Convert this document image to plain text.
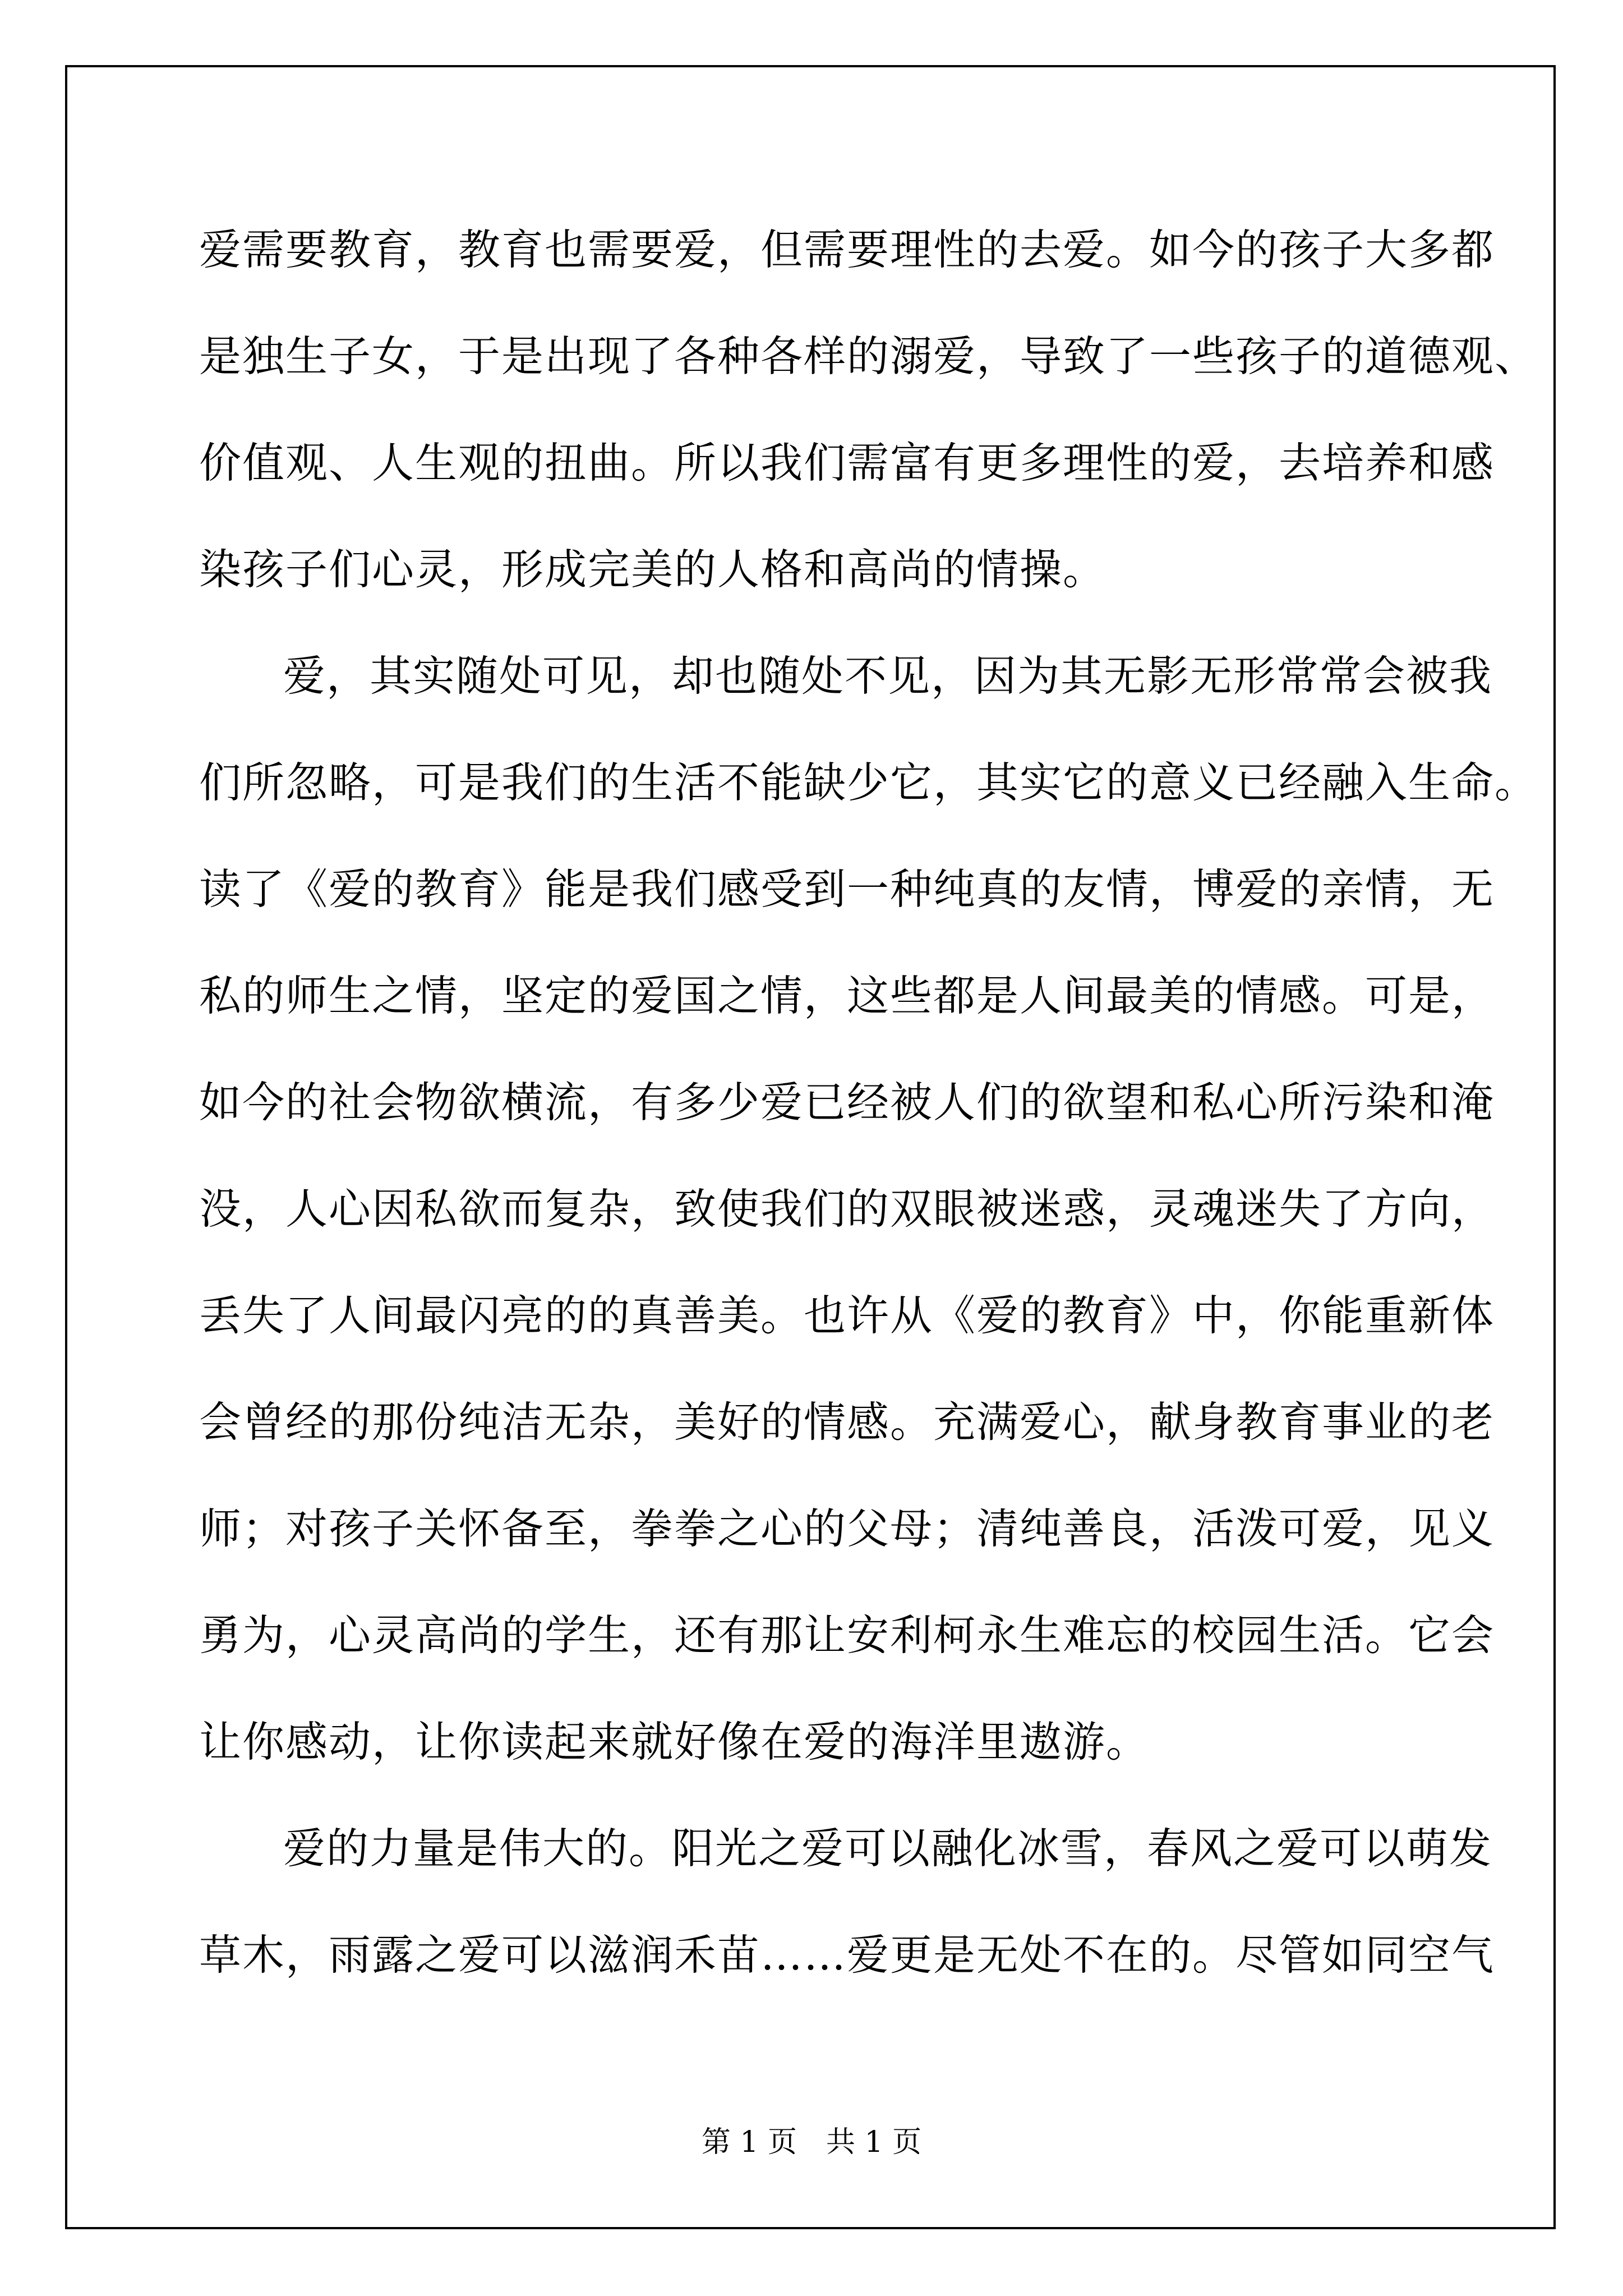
爱需要教育，教育也需要爱，但需要理性的去爱。如今的孩子大多都
是独生子女，于是出现了各种各样的溺爱，导致了一些孩子的道德观、
价值观、人生观的扭曲。所以我们需富有更多理性的爱，去培养和感
染孩子们心灵，形成完美的人格和高尚的情操。
爱，其实随处可见，却也随处不见，因为其无影无形常常会被我
们所忽略，可是我们的生活不能缺少它，其实它的意义已经融入生命。
读了《爱的教育》能是我们感受到一种纯真的友情，博爱的亲情，无
私的师生之情，坚定的爱国之情，这些都是人间最美的情感。可是，
如今的社会物欲横流，有多少爱已经被人们的欲望和私心所污染和淹
没，人心因私欲而复杂，致使我们的双眼被迷惑，灵魂迷失了方向，
丢失了人间最闪亮的的真善美。也许从《爱的教育》中，你能重新体
会曾经的那份纯洁无杂，美好的情感。充满爱心，献身教育事业的老
师；对孩子关怀备至，拳拳之心的父母；清纯善良，活泼可爱，见义
勇为，心灵高尚的学生，还有那让安利柯永生难忘的校园生活。它会
让你感动，让你读起来就好像在爱的海洋里遨游。
爱的力量是伟大的。阳光之爱可以融化冰雪，春风之爱可以萌发
草木，雨露之爱可以滋润禾苗……爱更是无处不在的。尽管如同空气
第 1 页　共 1 页
